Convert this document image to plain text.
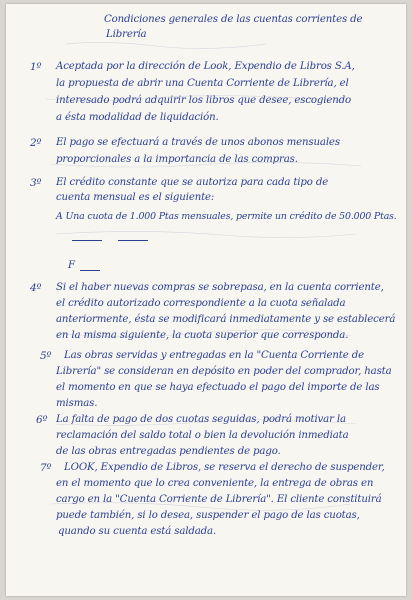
Condiciones generales de las cuentas corrientes de
Librería
1º Aceptada por la dirección de Look, Expendio de Libros S.A,
la propuesta de abrir una Cuenta Corriente de Librería, el
interesado podrá adquirir los libros que desee, escogiendo
a ésta modalidad de liquidación.
2º El pago se efectuará a través de unos abonos mensuales
proporcionales a la importancia de las compras.
3º El crédito constante que se autoriza para cada tipo de
cuenta mensual es el siguiente:
A Una cuota de 1.000 Ptas mensuales, permite un crédito de 50.000 Ptas.
F
4º Si el haber nuevas compras se sobrepasa, en la cuenta corriente,
el crédito autorizado correspondiente a la cuota señalada
anteriormente, ésta se modificará inmediatamente y se establecerá
en la misma siguiente, la cuota superior que corresponda.
5º Las obras servidas y entregadas en la "Cuenta Corriente de
Librería" se consideran en depósito en poder del comprador, hasta
el momento en que se haya efectuado el pago del importe de las
mismas.
6º La falta de pago de dos cuotas seguidas, podrá motivar la
reclamación del saldo total o bien la devolución inmediata
de las obras entregadas pendientes de pago.
7º LOOK, Expendio de Libros, se reserva el derecho de suspender,
en el momento que lo crea conveniente, la entrega de obras en
cargo en la "Cuenta Corriente de Librería". El cliente constituirá
puede también, si lo desea, suspender el pago de las cuotas,
quando su cuenta está saldada.
